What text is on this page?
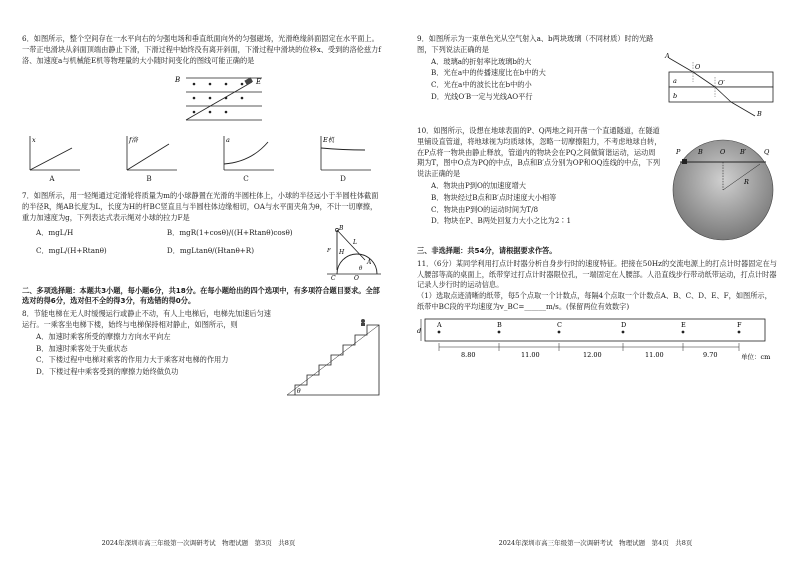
6．如图所示，整个空间存在一水平向右的匀强电场和垂直纸面向外的匀强磁场，光滑绝缘斜面固定在水平面上。一带正电滑块从斜面顶端由静止下滑，下滑过程中始终没有离开斜面，下滑过程中滑块的位移x、受到的洛伦兹力f洛、加速度a与机械能E机等物理量的大小随时间变化的图线可能正确的是
B	E
x
A
f洛
B
a
C
E机
D
7．如图所示，用一轻绳通过定滑轮将质量为m的小球静置在光滑的半圆柱体上，小球的半径远小于半圆柱体截面的半径R，绳AB长度为L，长度为H的杆BC竖直且与半圆柱体边缘相切，OA与水平面夹角为θ，不计一切摩擦，重力加速度为g，下列表达式表示绳对小球的拉力F是
A．mgL/H
C．mgL/(H+Rtanθ)
B．mgR(1+cosθ)/((H+Rtanθ)cosθ)
D．mgLtanθ/(Htanθ+R)
B
L
F H
C
θ
O
A
二、多项选择题：本题共3小题，每小题6分，共18分。在每小题给出的四个选项中，有多项符合题目要求。全部选对的得6分，选对但不全的得3分，有选错的得0分。
8．节能电梯在无人时缓慢运行或静止不动，有人上电梯后，电梯先加速后匀速运行。一乘客坐电梯下楼，始终与电梯保持相对静止，如图所示，则
A．加速时乘客所受的摩擦力方向水平向左
B．加速时乘客处于失重状态
C．下楼过程中电梯对乘客的作用力大于乘客对电梯的作用力
D．下楼过程中乘客受到的摩擦力始终做负功
θ
2024年深圳市高三年级第一次调研考试　物理试题　第3页　共8页
9．如图所示为一束单色光从空气射入a、b两块玻璃（不同材质）时的光路图，下列说法正确的是
A．玻璃a的折射率比玻璃b的大
B．光在a中的传播速度比在b中的大
C．光在a中的波长比在b中的小
D．光线O′B一定与光线AO平行
A
O
a	O′
b
B
10．如图所示，设想在地球表面的P、Q两地之间开凿一个直通隧道，在隧道里铺设直管道，将地球视为均质球体，忽略一切摩擦阻力，不考虑地球自转，在P点将一物块由静止释放，管道内的物块会在PQ之间做简谐运动，运动周期为T，图中O点为PQ的中点，B点和B′点分别为OP和OQ连线的中点，下列说法正确的是
A．物块由P到O的加速度增大
B．物块经过B点和B′点时速度大小相等
C．物块由P到O的运动时间为T/8
D．物块在P、B两处回复力大小之比为2∶1
P	B	O B′	Q
R
三、非选择题：共54分，请根据要求作答。
11．（6分）某同学利用打点计时器分析自身步行时的速度特征。把接在50Hz的交流电源上的打点计时器固定在与人腰部等高的桌面上，纸带穿过打点计时器限位孔，一端固定在人腰部。人沿直线步行带动纸带运动，打点计时器记录人步行时的运动信息。
（1）选取点迹清晰的纸带，每5个点取一个计数点，每隔4个点取一个计数点A、B、C、D、E、F，如图所示，纸带中BC段的平均速度为v_BC=______m/s。(保留两位有效数字)
d
A	B	C	D	E	F
8.80	11.00	12.00	11.00	9.70	单位：cm
2024年深圳市高三年级第一次调研考试　物理试题　第4页　共8页
